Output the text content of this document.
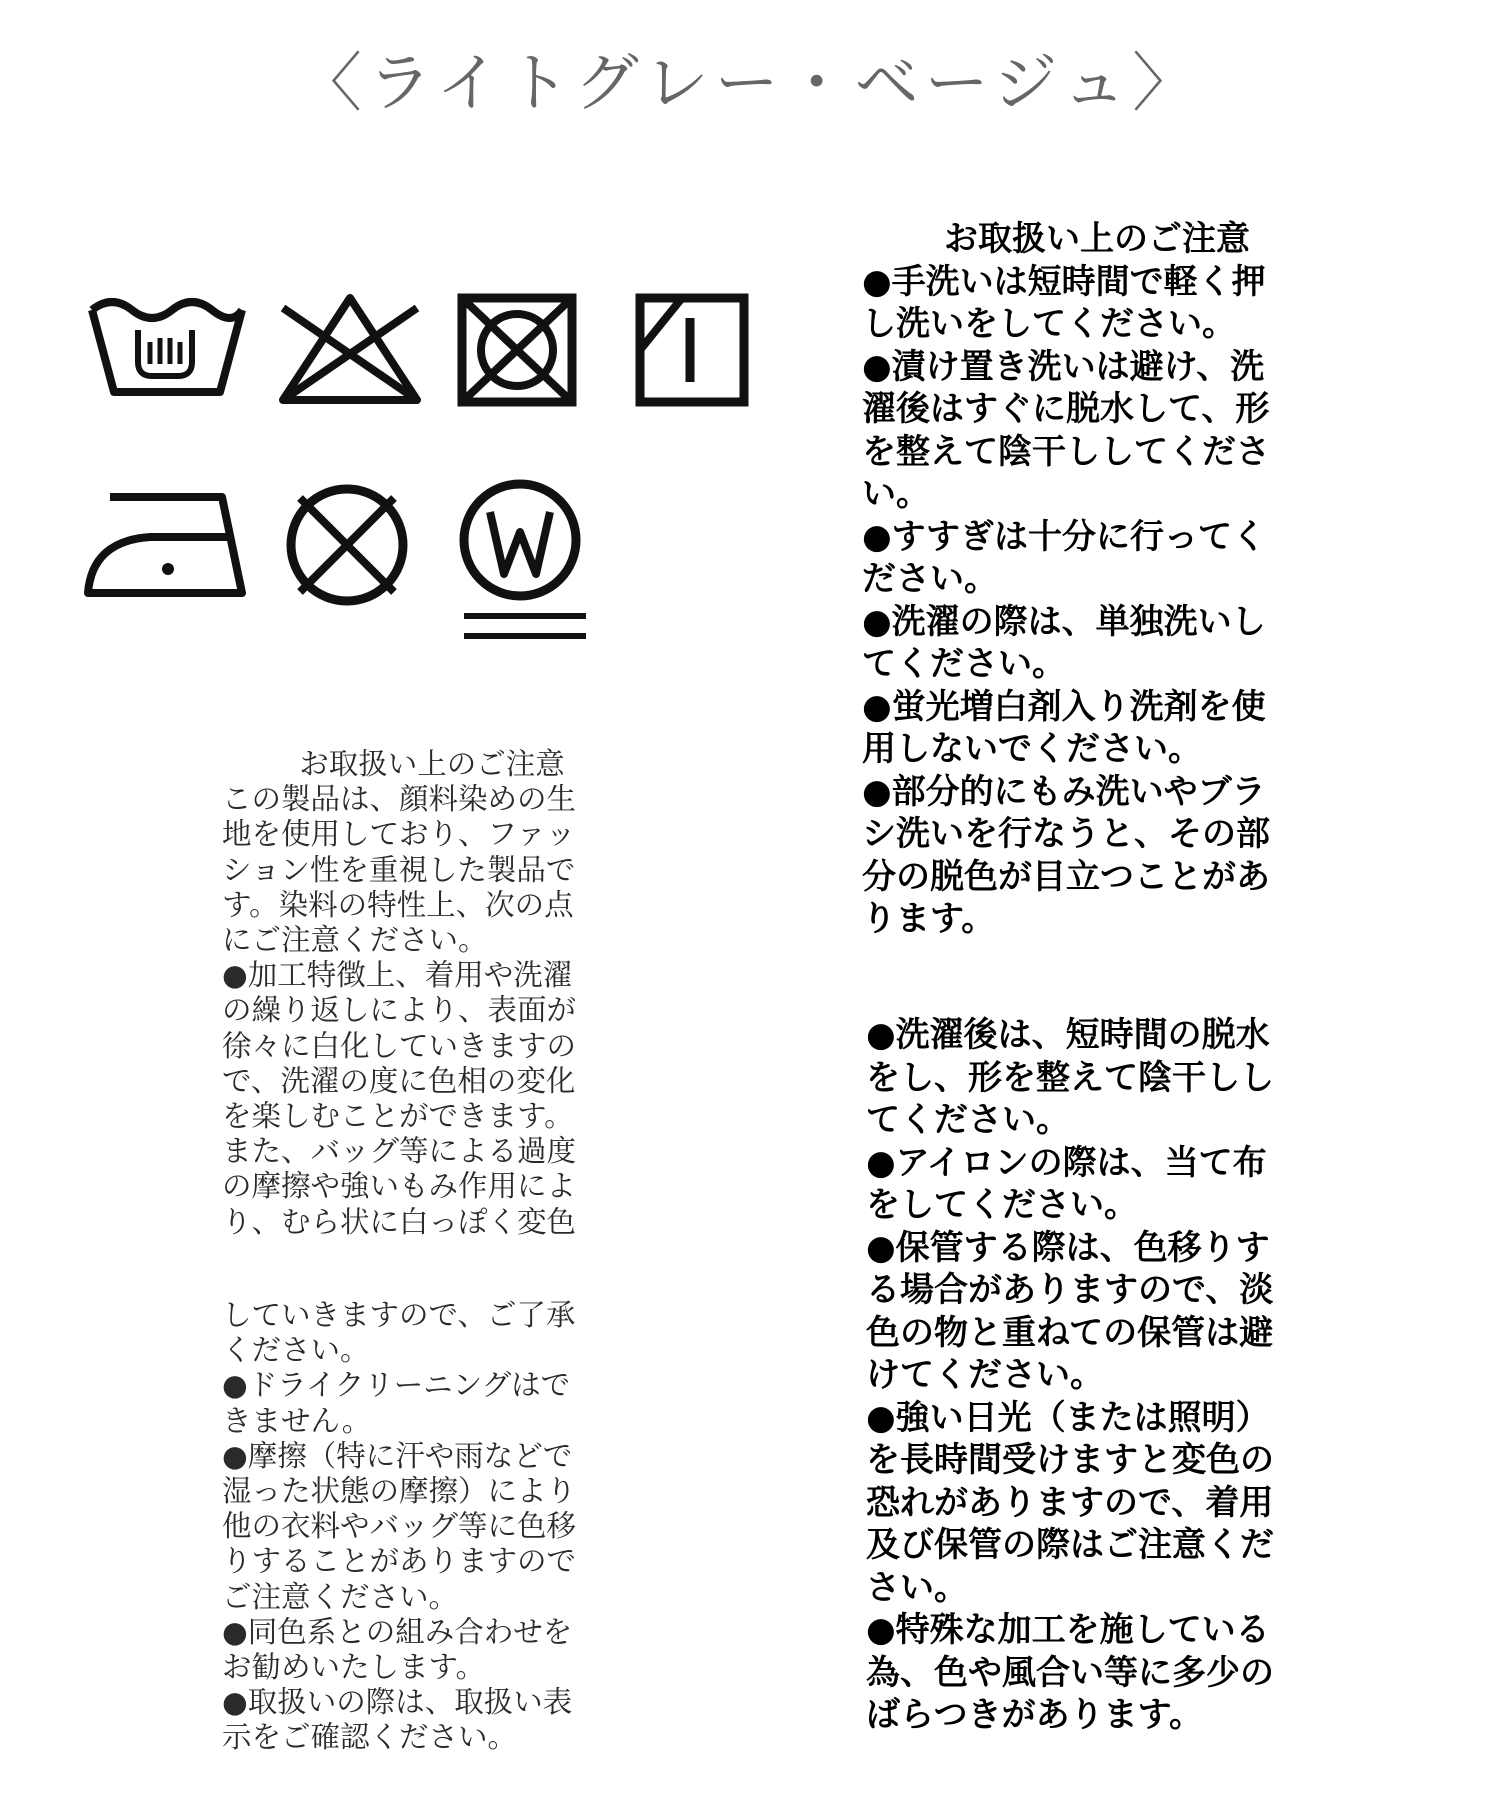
〈ライトグレー・ベージュ〉

お取扱い上のご注意

この製品は、顔料染めの生

地を使用しており、ファッ

ション性を重視した製品で

す。染料の特性上、次の点

にご注意ください。

●加工特徴上、着用や洗濯

の繰り返しにより、表面が

徐々に白化していきますの

で、洗濯の度に色相の変化

を楽しむことができます。

また、バッグ等による過度

の摩擦や強いもみ作用によ

り、むら状に白っぽく変色

していきますので、ご了承

ください。

●ドライクリーニングはで

きません。

●摩擦（特に汗や雨などで

湿った状態の摩擦）により

他の衣料やバッグ等に色移

りすることがありますので

ご注意ください。

●同色系との組み合わせを

お勧めいたします。

●取扱いの際は、取扱い表

示をご確認ください。

お取扱い上のご注意

●手洗いは短時間で軽く押

し洗いをしてください。

●漬け置き洗いは避け、洗

濯後はすぐに脱水して、形

を整えて陰干ししてくださ

い。

●すすぎは十分に行ってく

ださい。

●洗濯の際は、単独洗いし

てください。

●蛍光増白剤入り洗剤を使

用しないでください。

●部分的にもみ洗いやブラ

シ洗いを行なうと、その部

分の脱色が目立つことがあ

ります。

●洗濯後は、短時間の脱水

をし、形を整えて陰干しし

てください。

●アイロンの際は、当て布

をしてください。

●保管する際は、色移りす

る場合がありますので、淡

色の物と重ねての保管は避

けてください。

●強い日光（または照明）

を長時間受けますと変色の

恐れがありますので、着用

及び保管の際はご注意くだ

さい。

●特殊な加工を施している

為、色や風合い等に多少の

ばらつきがあります。
